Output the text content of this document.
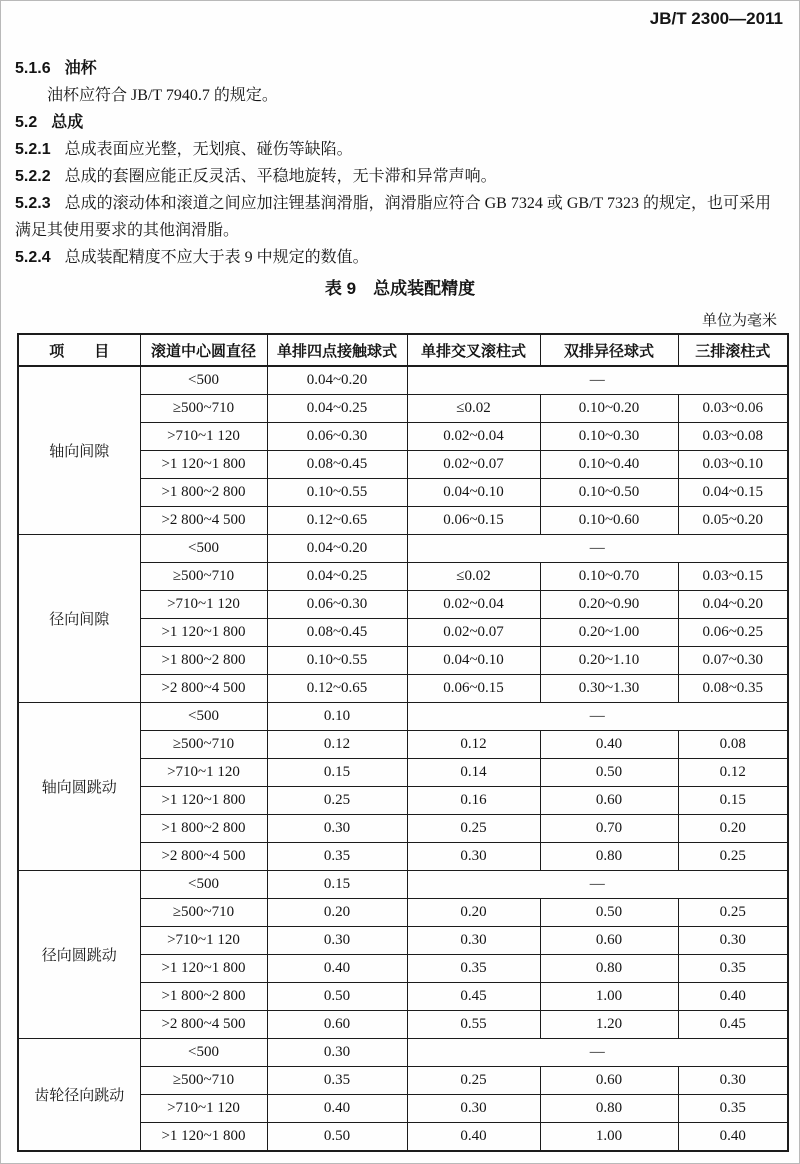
JB/T 2300—2011

5.1.6 油杯

油杯应符合 JB/T 7940.7 的规定。

5.2 总成

5.2.1 总成表面应光整，无划痕、碰伤等缺陷。

5.2.2 总成的套圈应能正反灵活、平稳地旋转，无卡滞和异常声响。

5.2.3 总成的滚动体和滚道之间应加注锂基润滑脂，润滑脂应符合 GB 7324 或 GB/T 7323 的规定，也可采用满足其使用要求的其他润滑脂。

5.2.4 总成装配精度不应大于表 9 中规定的数值。

表 9　总成装配精度
单位为毫米
项　　目	滚道中心圆直径	单排四点接触球式	单排交叉滚柱式	双排异径球式	三排滚柱式
轴向间隙	<500	0.04~0.20	—		
	≥500~710	0.04~0.25	≤0.02	0.10~0.20	0.03~0.06
	>710~1 120	0.06~0.30	0.02~0.04	0.10~0.30	0.03~0.08
	>1 120~1 800	0.08~0.45	0.02~0.07	0.10~0.40	0.03~0.10
	>1 800~2 800	0.10~0.55	0.04~0.10	0.10~0.50	0.04~0.15
	>2 800~4 500	0.12~0.65	0.06~0.15	0.10~0.60	0.05~0.20
径向间隙	<500	0.04~0.20	—		
	≥500~710	0.04~0.25	≤0.02	0.10~0.70	0.03~0.15
	>710~1 120	0.06~0.30	0.02~0.04	0.20~0.90	0.04~0.20
	>1 120~1 800	0.08~0.45	0.02~0.07	0.20~1.00	0.06~0.25
	>1 800~2 800	0.10~0.55	0.04~0.10	0.20~1.10	0.07~0.30
	>2 800~4 500	0.12~0.65	0.06~0.15	0.30~1.30	0.08~0.35
轴向圆跳动	<500	0.10	—		
	≥500~710	0.12	0.12	0.40	0.08
	>710~1 120	0.15	0.14	0.50	0.12
	>1 120~1 800	0.25	0.16	0.60	0.15
	>1 800~2 800	0.30	0.25	0.70	0.20
	>2 800~4 500	0.35	0.30	0.80	0.25
径向圆跳动	<500	0.15	—		
	≥500~710	0.20	0.20	0.50	0.25
	>710~1 120	0.30	0.30	0.60	0.30
	>1 120~1 800	0.40	0.35	0.80	0.35
	>1 800~2 800	0.50	0.45	1.00	0.40
	>2 800~4 500	0.60	0.55	1.20	0.45
齿轮径向跳动	<500	0.30	—		
	≥500~710	0.35	0.25	0.60	0.30
	>710~1 120	0.40	0.30	0.80	0.35
	>1 120~1 800	0.50	0.40	1.00	0.40
